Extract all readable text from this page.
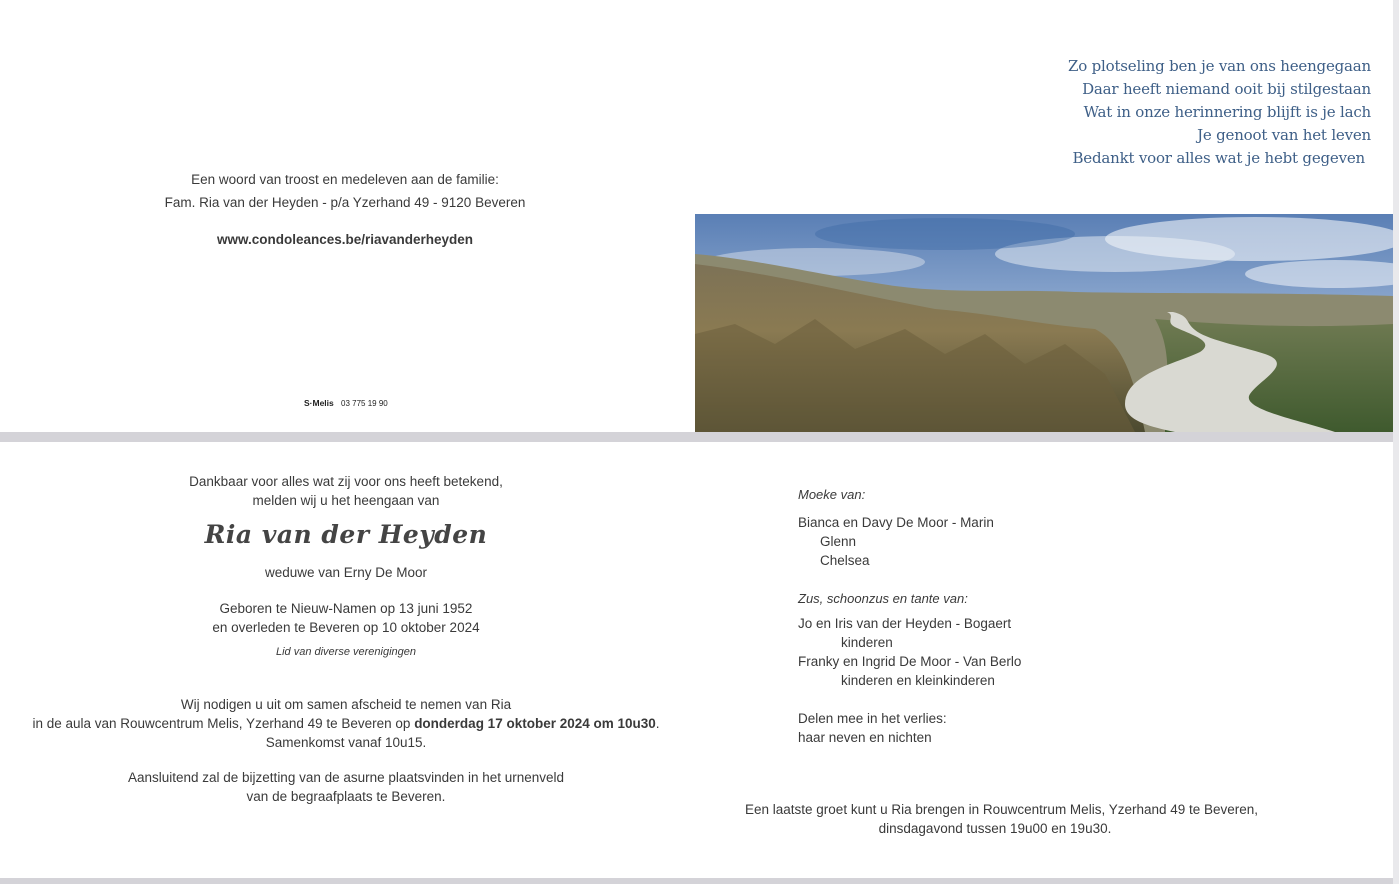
Een woord van troost en medeleven aan de familie:
Fam. Ria van der Heyden - p/a Yzerhand 49 - 9120 Beveren
www.condoleances.be/riavanderheyden
S·Melis 03 775 19 90
Zo plotseling ben je van ons heengegaan
Daar heeft niemand ooit bij stilgestaan
Wat in onze herinnering blijft is je lach
Je genoot van het leven
Bedankt voor alles wat je hebt gegeven
Dankbaar voor alles wat zij voor ons heeft betekend,
melden wij u het heengaan van
Ria van der Heyden
weduwe van Erny De Moor
Geboren te Nieuw-Namen op 13 juni 1952
en overleden te Beveren op 10 oktober 2024
Lid van diverse verenigingen
Wij nodigen u uit om samen afscheid te nemen van Ria
in de aula van Rouwcentrum Melis, Yzerhand 49 te Beveren op donderdag 17 oktober 2024 om 10u30.
Samenkomst vanaf 10u15.
Aansluitend zal de bijzetting van de asurne plaatsvinden in het urnenveld
van de begraafplaats te Beveren.
Moeke van:
Bianca en Davy De Moor - Marin
Glenn
Chelsea
Zus, schoonzus en tante van:
Jo en Iris van der Heyden - Bogaert
kinderen
Franky en Ingrid De Moor - Van Berlo
kinderen en kleinkinderen
Delen mee in het verlies:
haar neven en nichten
Een laatste groet kunt u Ria brengen in Rouwcentrum Melis, Yzerhand 49 te Beveren,
dinsdagavond tussen 19u00 en 19u30.
